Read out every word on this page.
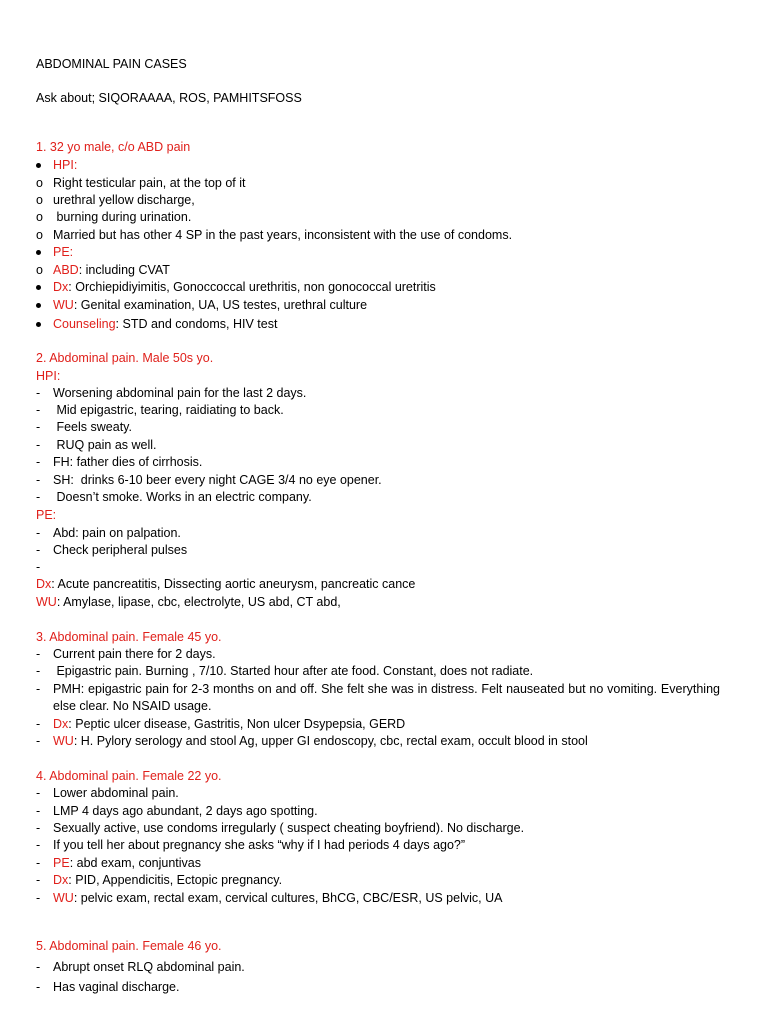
ABDOMINAL PAIN CASES
Ask about; SIQORAAAA, ROS, PAMHITSFOSS
1. 32 yo male, c/o ABD pain
HPI:
o Right testicular pain, at the top of it
o urethral yellow discharge,
o burning during urination.
o Married but has other 4 SP in the past years, inconsistent with the use of condoms.
PE:
o ABD: including CVAT
Dx: Orchiepidiyimitis, Gonoccoccal urethritis, non gonococcal uretritis
WU: Genital examination, UA, US testes, urethral culture
Counseling: STD and condoms, HIV test
2. Abdominal pain. Male 50s yo.
HPI:
-	Worsening abdominal pain for the last 2 days.
-	Mid epigastric, tearing, raidiating to back.
-	Feels sweaty.
-	RUQ pain as well.
-	FH: father dies of cirrhosis.
-	SH:  drinks 6-10 beer every night CAGE 3/4 no eye opener.
-	Doesn’t smoke. Works in an electric company.
PE:
-	Abd: pain on palpation.
-	Check peripheral pulses
-
Dx: Acute pancreatitis, Dissecting aortic aneurysm, pancreatic cance
WU: Amylase, lipase, cbc, electrolyte, US abd, CT abd,
3. Abdominal pain. Female 45 yo.
-	Current pain there for 2 days.
-	Epigastric pain. Burning , 7/10. Started hour after ate food. Constant, does not radiate.
-	PMH: epigastric pain for 2-3 months on and off. She felt she was in distress. Felt nauseated but no vomiting. Everything else clear. No NSAID usage.
-	Dx: Peptic ulcer disease, Gastritis, Non ulcer Dsypepsia, GERD
-	WU: H. Pylory serology and stool Ag, upper GI endoscopy, cbc, rectal exam, occult blood in stool
4. Abdominal pain. Female 22 yo.
-	Lower abdominal pain.
-	LMP 4 days ago abundant, 2 days ago spotting.
-	Sexually active, use condoms irregularly ( suspect cheating boyfriend). No discharge.
-	If you tell her about pregnancy she asks “why if I had periods 4 days ago?”
-	PE: abd exam, conjuntivas
-	Dx: PID, Appendicitis, Ectopic pregnancy.
-	WU: pelvic exam, rectal exam, cervical cultures, BhCG, CBC/ESR, US pelvic, UA
5. Abdominal pain. Female 46 yo.
-	Abrupt onset RLQ abdominal pain.
-	Has vaginal discharge.
